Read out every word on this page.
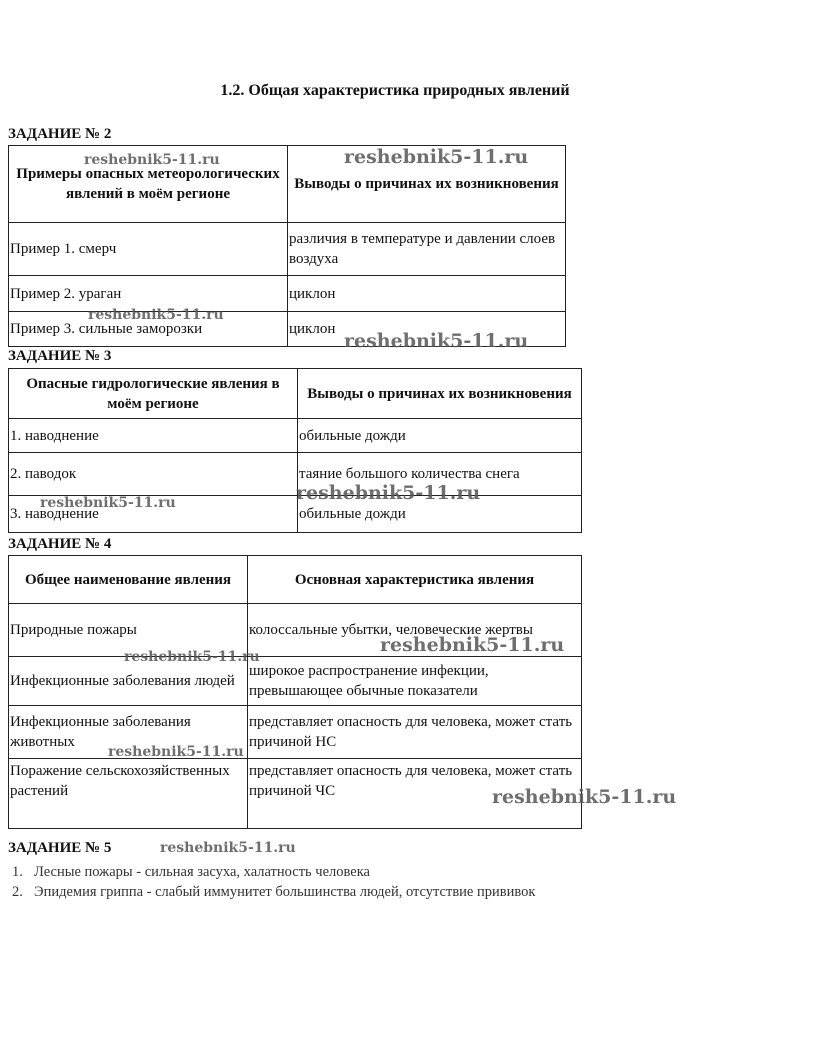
1.2. Общая характеристика природных явлений
ЗАДАНИЕ № 2
Примеры опасных метеорологических явлений в моём регионе	Выводы о причинах их возникновения
Пример 1. смерч	различия в температуре и давлении слоев воздуха
Пример 2. ураган	циклон
Пример 3. сильные заморозки	циклон
ЗАДАНИЕ № 3
Опасные гидрологические явления в моём регионе	Выводы о причинах их возникновения
1. наводнение	обильные дожди
2. паводок	таяние большого количества снега
3. наводнение	обильные дожди
ЗАДАНИЕ № 4
Общее наименование явления	Основная характеристика явления
Природные пожары	колоссальные убытки, человеческие жертвы
Инфекционные заболевания людей	широкое распространение инфекции, превышающее обычные показатели
Инфекционные заболевания животных	представляет опасность для человека, может стать причиной НС
Поражение сельскохозяйственных растений	представляет опасность для человека, может стать причиной ЧС
ЗАДАНИЕ № 5
1. Лесные пожары - сильная засуха, халатность человека
2. Эпидемия гриппа - слабый иммунитет большинства людей, отсутствие прививок
reshebnik5-11.ru	reshebnik5-11.ru
reshebnik5-11.ru
reshebnik5-11.ru
reshebnik5-11.ru	reshebnik5-11.ru
reshebnik5-11.ru
reshebnik5-11.ru
reshebnik5-11.ru
reshebnik5-11.ru
reshebnik5-11.ru
